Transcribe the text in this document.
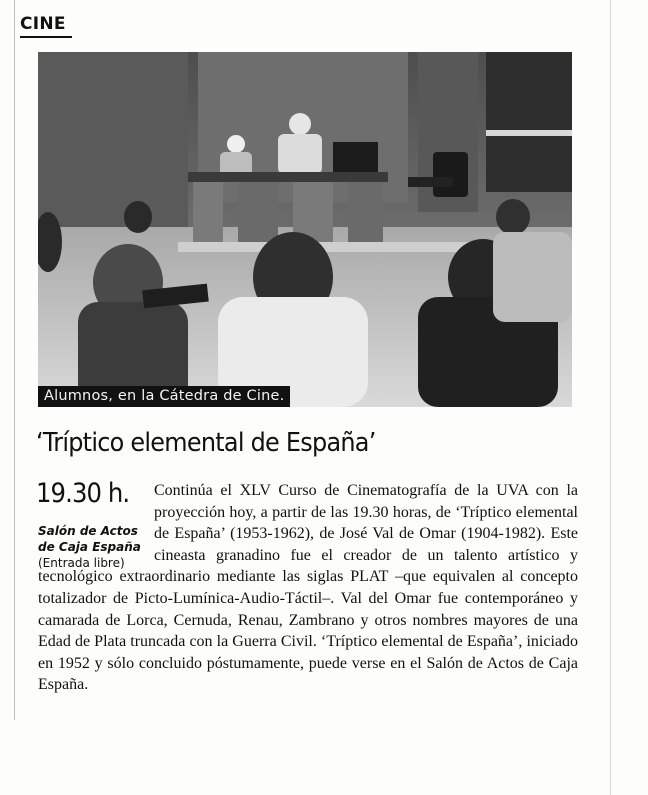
CINE
Alumnos, en la Cátedra de Cine.
‘Tríptico elemental de España’
19.30 h.
Salón de Actos de Caja España
(Entrada libre)
Continúa el XLV Curso de Cinematografía de la UVA con la proyección hoy, a partir de las 19.30 horas, de ‘Tríptico elemental de España’ (1953-1962), de José Val de Omar (1904-1982). Este cineasta granadino fue el creador de un talento artístico y tecnológico extraordinario mediante las siglas PLAT –que equivalen al concepto totalizador de Picto-Lumínica-Audio-Táctil–. Val del Omar fue contemporáneo y camarada de Lorca, Cernuda, Renau, Zambrano y otros nombres mayores de una Edad de Plata truncada con la Guerra Civil. ‘Tríptico elemental de España’, iniciado en 1952 y sólo concluido póstumamente, puede verse en el Salón de Actos de Caja España.
